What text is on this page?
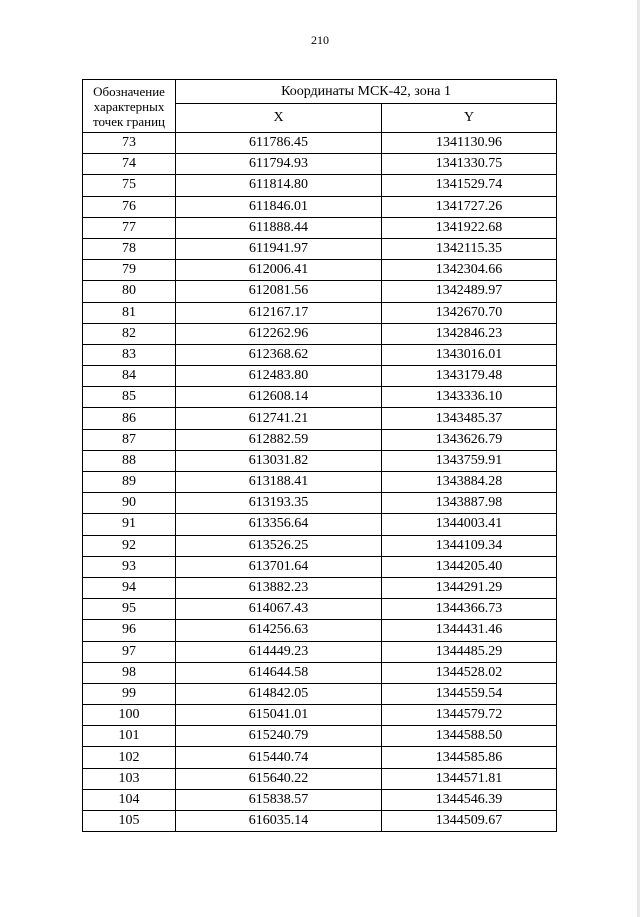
210
Обозначение характерных точек границ	Координаты МСК-42, зона 1	
	X	Y
73	611786.45	1341130.96
74	611794.93	1341330.75
75	611814.80	1341529.74
76	611846.01	1341727.26
77	611888.44	1341922.68
78	611941.97	1342115.35
79	612006.41	1342304.66
80	612081.56	1342489.97
81	612167.17	1342670.70
82	612262.96	1342846.23
83	612368.62	1343016.01
84	612483.80	1343179.48
85	612608.14	1343336.10
86	612741.21	1343485.37
87	612882.59	1343626.79
88	613031.82	1343759.91
89	613188.41	1343884.28
90	613193.35	1343887.98
91	613356.64	1344003.41
92	613526.25	1344109.34
93	613701.64	1344205.40
94	613882.23	1344291.29
95	614067.43	1344366.73
96	614256.63	1344431.46
97	614449.23	1344485.29
98	614644.58	1344528.02
99	614842.05	1344559.54
100	615041.01	1344579.72
101	615240.79	1344588.50
102	615440.74	1344585.86
103	615640.22	1344571.81
104	615838.57	1344546.39
105	616035.14	1344509.67
